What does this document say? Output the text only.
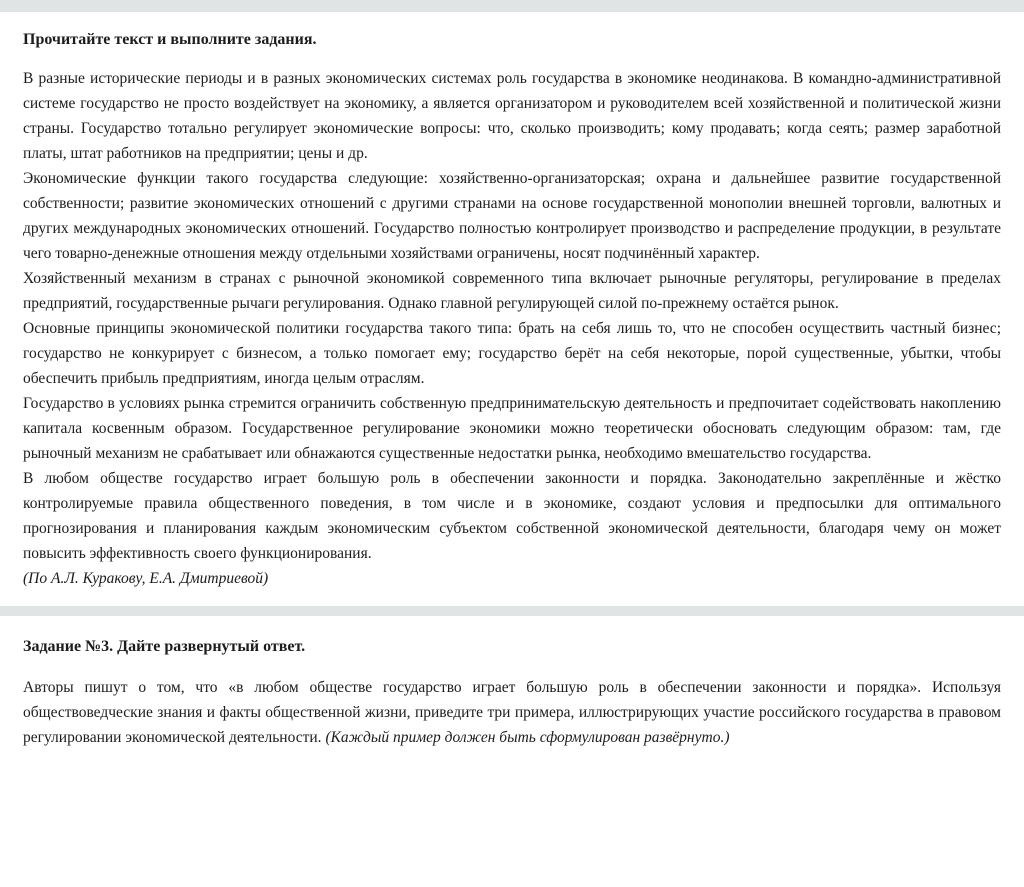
Прочитайте текст и выполните задания.

В разные исторические периоды и в разных экономических системах роль государства в экономике неодинакова. В командно-административной системе государство не просто воздействует на экономику, а является организатором и руководителем всей хозяйственной и политической жизни страны. Государство тотально регулирует экономические вопросы: что, сколько производить; кому продавать; когда сеять; размер заработной платы, штат работников на предприятии; цены и др.

Экономические функции такого государства следующие: хозяйственно-организаторская; охрана и дальнейшее развитие государственной собственности; развитие экономических отношений с другими странами на основе государственной монополии внешней торговли, валютных и других международных экономических отношений. Государство полностью контролирует производство и распределение продукции, в результате чего товарно-денежные отношения между отдельными хозяйствами ограничены, носят подчинённый характер.

Хозяйственный механизм в странах с рыночной экономикой современного типа включает рыночные регуляторы, регулирование в пределах предприятий, государственные рычаги регулирования. Однако главной регулирующей силой по-прежнему остаётся рынок.

Основные принципы экономической политики государства такого типа: брать на себя лишь то, что не способен осуществить частный бизнес; государство не конкурирует с бизнесом, а только помогает ему; государство берёт на себя некоторые, порой существенные, убытки, чтобы обеспечить прибыль предприятиям, иногда целым отраслям.

Государство в условиях рынка стремится ограничить собственную предпринимательскую деятельность и предпочитает содействовать накоплению капитала косвенным образом. Государственное регулирование экономики можно теоретически обосновать следующим образом: там, где рыночный механизм не срабатывает или обнажаются существенные недостатки рынка, необходимо вмешательство государства.

В любом обществе государство играет большую роль в обеспечении законности и порядка. Законодательно закреплённые и жёстко контролируемые правила общественного поведения, в том числе и в экономике, создают условия и предпосылки для оптимального прогнозирования и планирования каждым экономическим субъектом собственной экономической деятельности, благодаря чему он может повысить эффективность своего функционирования.

(По А.Л. Куракову, Е.А. Дмитриевой)

Задание №3. Дайте развернутый ответ.

Авторы пишут о том, что «в любом обществе государство играет большую роль в обеспечении законности и порядка». Используя обществоведческие знания и факты общественной жизни, приведите три примера, иллюстрирующих участие российского государства в правовом регулировании экономической деятельности. (Каждый пример должен быть сформулирован развёрнуто.)
